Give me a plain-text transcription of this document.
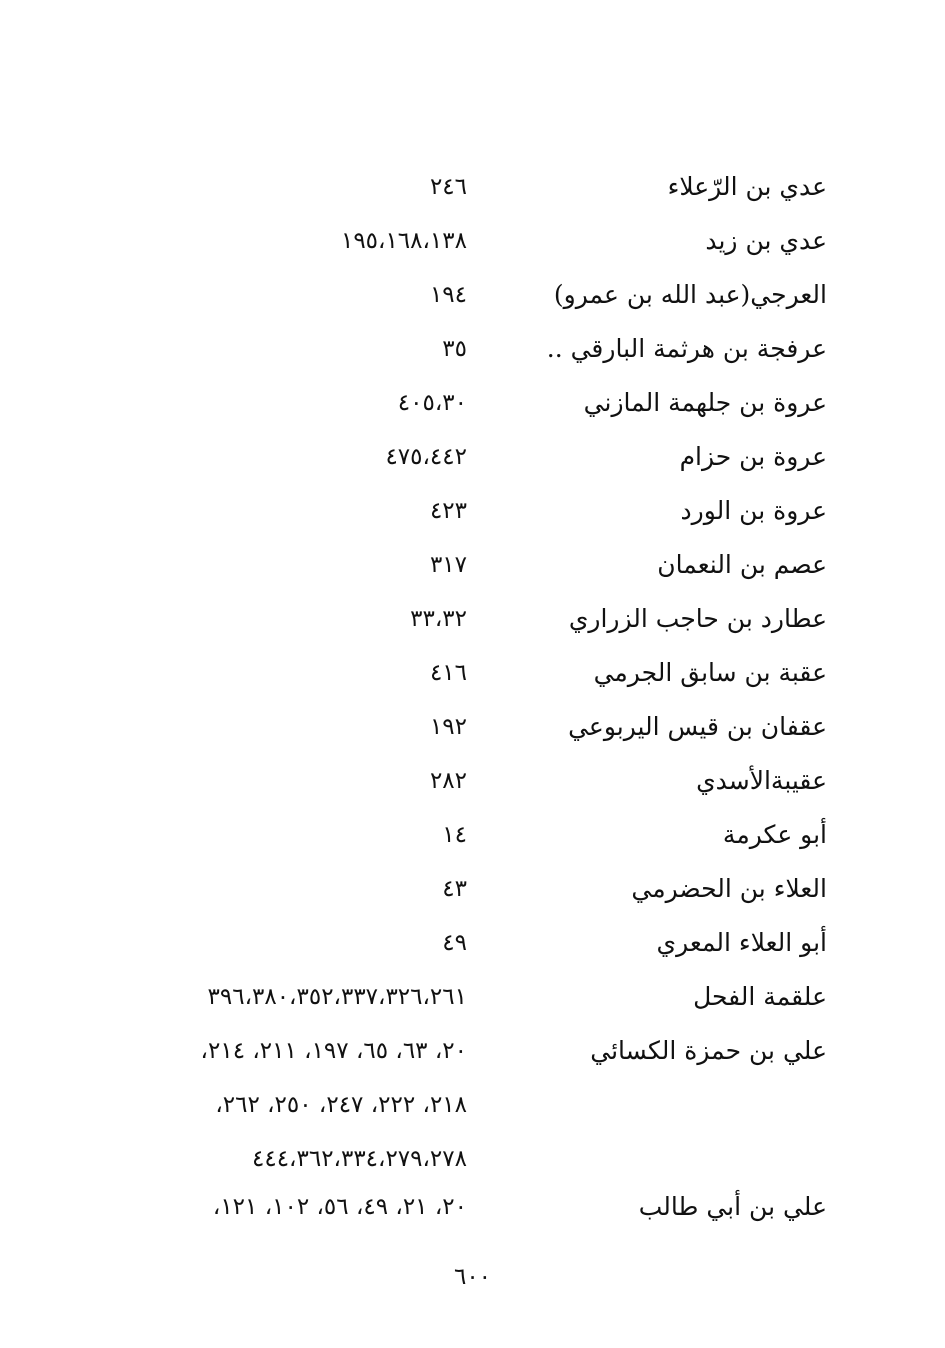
عدي بن الرّعلاء
٢٤٦
عدي بن زيد
١٩٥،١٦٨،١٣٨
العرجي(عبد الله بن عمرو)
١٩٤
عرفجة بن هرثمة البارقي ..
٣٥
عروة بن جلهمة المازني
٤٠٥،٣٠
عروة بن حزام
٤٧٥،٤٤٢
عروة بن الورد
٤٢٣
عصم بن النعمان
٣١٧
عطارد بن حاجب الزراري
٣٣،٣٢
عقبة بن سابق الجرمي
٤١٦
عقفان بن قيس اليربوعي
١٩٢
عقيبةالأسدي
٢٨٢
أبو عكرمة
١٤
العلاء بن الحضرمي
٤٣
أبو العلاء المعري
٤٩
علقمة الفحل
٣٩٦،٣٨٠،٣٥٢،٣٣٧،٣٢٦،٢٦١
علي بن حمزة الكسائي
٢٠، ٦٣، ٦٥، ١٩٧، ٢١١، ٢١٤،
٢١٨، ٢٢٢، ٢٤٧، ٢٥٠، ٢٦٢،
٤٤٤،٣٦٢،٣٣٤،٢٧٩،٢٧٨
علي بن أبي طالب
٢٠، ٢١، ٤٩، ٥٦، ١٠٢، ١٢١،
٦٠٠
